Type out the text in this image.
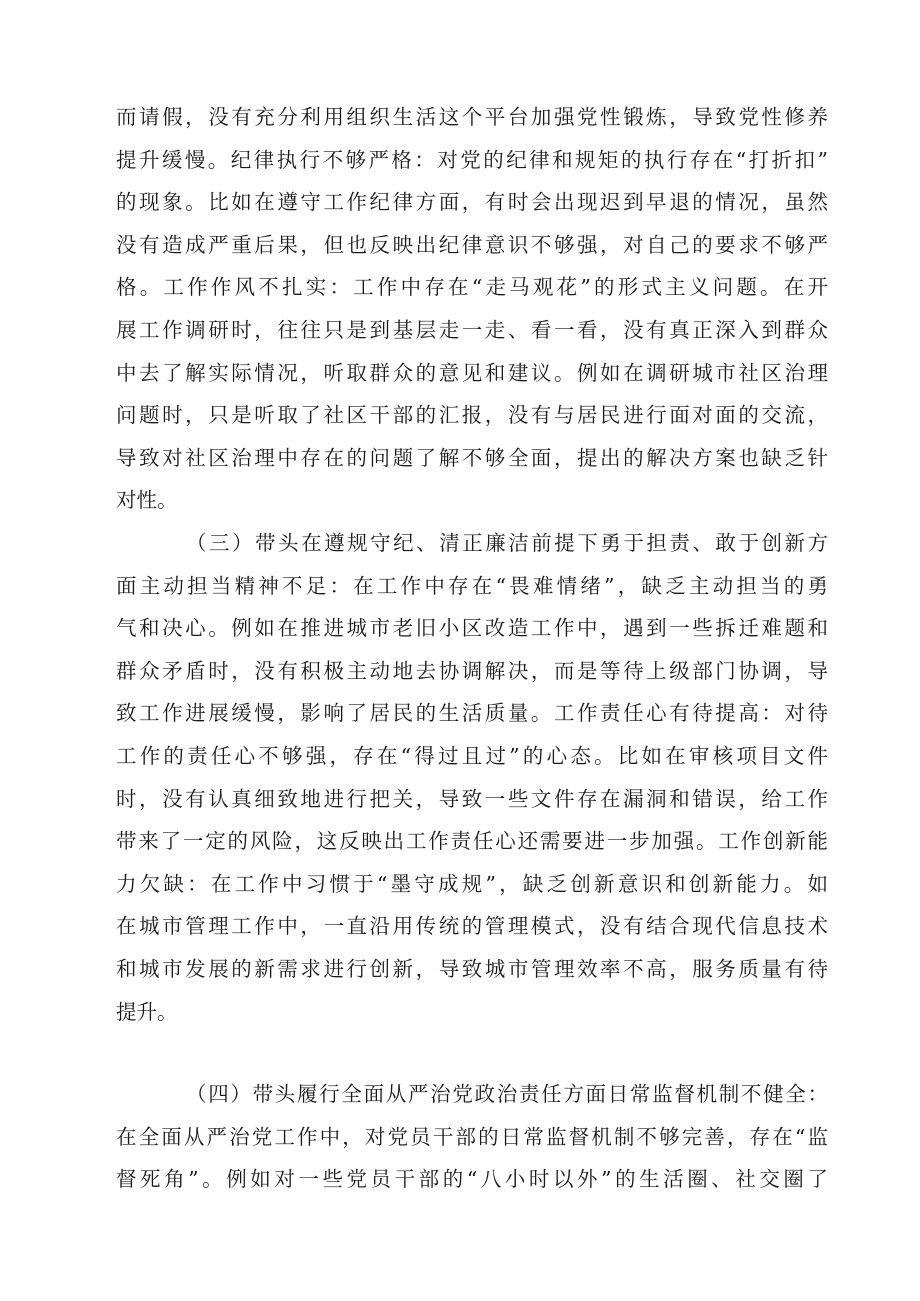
而请假，没有充分利用组织生活这个平台加强党性锻炼，导致党性修养
提升缓慢。纪律执行不够严格：对党的纪律和规矩的执行存在“打折扣”
的现象。比如在遵守工作纪律方面，有时会出现迟到早退的情况，虽然
没有造成严重后果，但也反映出纪律意识不够强，对自己的要求不够严
格。工作作风不扎实：工作中存在“走马观花”的形式主义问题。在开
展工作调研时，往往只是到基层走一走、看一看，没有真正深入到群众
中去了解实际情况，听取群众的意见和建议。例如在调研城市社区治理
问题时，只是听取了社区干部的汇报，没有与居民进行面对面的交流，
导致对社区治理中存在的问题了解不够全面，提出的解决方案也缺乏针
对性。
（三）带头在遵规守纪、清正廉洁前提下勇于担责、敢于创新方
面主动担当精神不足：在工作中存在“畏难情绪”，缺乏主动担当的勇
气和决心。例如在推进城市老旧小区改造工作中，遇到一些拆迁难题和
群众矛盾时，没有积极主动地去协调解决，而是等待上级部门协调，导
致工作进展缓慢，影响了居民的生活质量。工作责任心有待提高：对待
工作的责任心不够强，存在“得过且过”的心态。比如在审核项目文件
时，没有认真细致地进行把关，导致一些文件存在漏洞和错误，给工作
带来了一定的风险，这反映出工作责任心还需要进一步加强。工作创新能
力欠缺：在工作中习惯于“墨守成规”，缺乏创新意识和创新能力。如
在城市管理工作中，一直沿用传统的管理模式，没有结合现代信息技术
和城市发展的新需求进行创新，导致城市管理效率不高，服务质量有待
提升。
（四）带头履行全面从严治党政治责任方面日常监督机制不健全：
在全面从严治党工作中，对党员干部的日常监督机制不够完善，存在“监
督死角”。例如对一些党员干部的“八小时以外”的生活圈、社交圈了
